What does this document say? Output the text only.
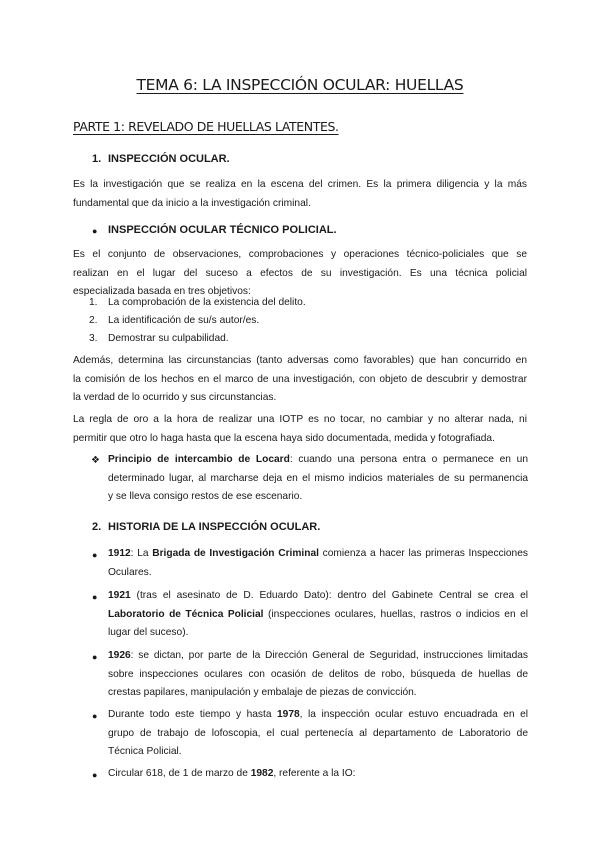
TEMA 6: LA INSPECCIÓN OCULAR: HUELLAS
PARTE 1: REVELADO DE HUELLAS LATENTES.
1. INSPECCIÓN OCULAR.
Es la investigación que se realiza en la escena del crimen. Es la primera diligencia y la más
fundamental que da inicio a la investigación criminal.
● INSPECCIÓN OCULAR TÉCNICO POLICIAL.
Es el conjunto de observaciones, comprobaciones y operaciones técnico-policiales que se
realizan en el lugar del suceso a efectos de su investigación. Es una técnica policial
especializada basada en tres objetivos:
1. La comprobación de la existencia del delito.
2. La identificación de su/s autor/es.
3. Demostrar su culpabilidad.
Además, determina las circunstancias (tanto adversas como favorables) que han concurrido en
la comisión de los hechos en el marco de una investigación, con objeto de descubrir y demostrar
la verdad de lo ocurrido y sus circunstancias.
La regla de oro a la hora de realizar una IOTP es no tocar, no cambiar y no alterar nada, ni
permitir que otro lo haga hasta que la escena haya sido documentada, medida y fotografiada.
❖ Principio de intercambio de Locard: cuando una persona entra o permanece en un
determinado lugar, al marcharse deja en el mismo indicios materiales de su permanencia
y se lleva consigo restos de ese escenario.
2. HISTORIA DE LA INSPECCIÓN OCULAR.
● 1912: La Brigada de Investigación Criminal comienza a hacer las primeras Inspecciones
Oculares.
● 1921 (tras el asesinato de D. Eduardo Dato): dentro del Gabinete Central se crea el
Laboratorio de Técnica Policial (inspecciones oculares, huellas, rastros o indicios en el
lugar del suceso).
● 1926: se dictan, por parte de la Dirección General de Seguridad, instrucciones limitadas
sobre inspecciones oculares con ocasión de delitos de robo, búsqueda de huellas de
crestas papilares, manipulación y embalaje de piezas de convicción.
● Durante todo este tiempo y hasta 1978, la inspección ocular estuvo encuadrada en el
grupo de trabajo de lofoscopia, el cual pertenecía al departamento de Laboratorio de
Técnica Policial.
● Circular 618, de 1 de marzo de 1982, referente a la IO:
